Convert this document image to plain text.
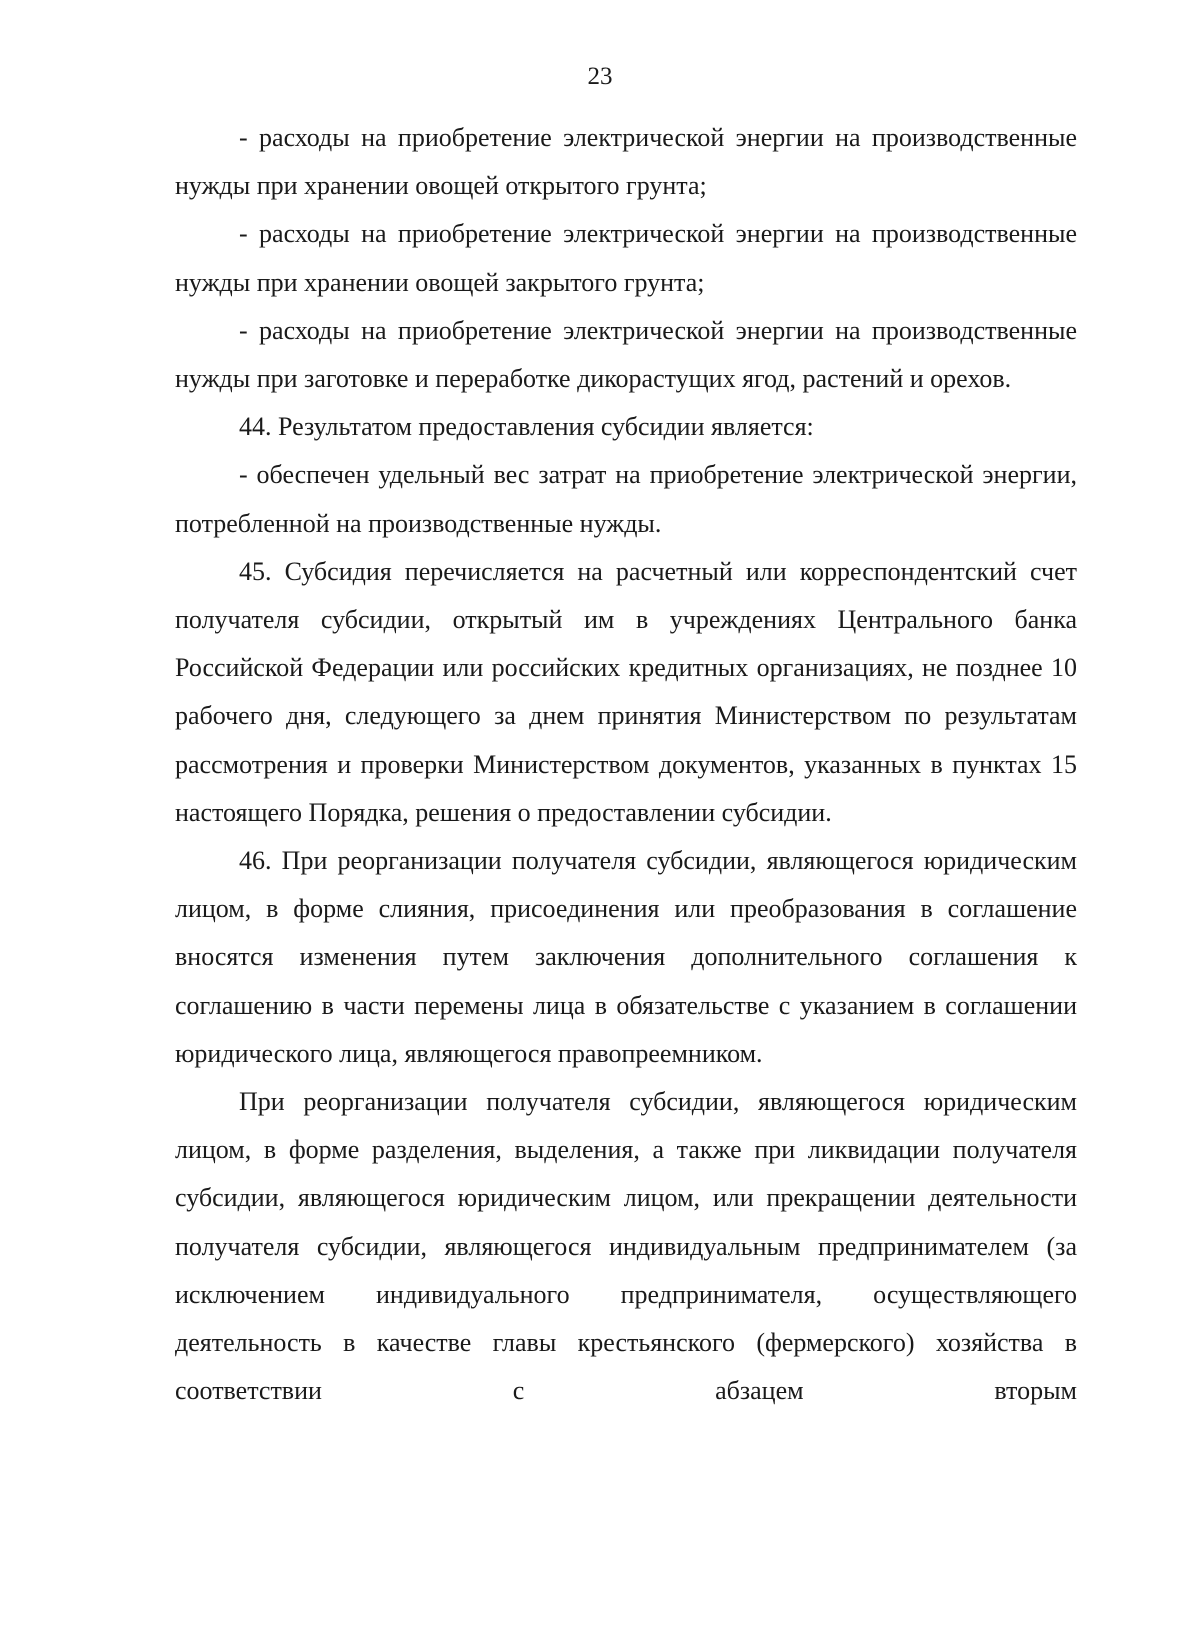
23

- расходы на приобретение электрической энергии на производственные нужды при хранении овощей открытого грунта;

- расходы на приобретение электрической энергии на производственные нужды при хранении овощей закрытого грунта;

- расходы на приобретение электрической энергии на производственные нужды при заготовке и переработке дикорастущих ягод, растений и орехов.

44. Результатом предоставления субсидии является:

- обеспечен удельный вес затрат на приобретение электрической энергии, потребленной на производственные нужды.

45. Субсидия перечисляется на расчетный или корреспондентский счет получателя субсидии, открытый им в учреждениях Центрального банка Российской Федерации или российских кредитных организациях, не позднее 10 рабочего дня, следующего за днем принятия Министерством по результатам рассмотрения и проверки Министерством документов, указанных в пунктах 15 настоящего Порядка, решения о предоставлении субсидии.

46. При реорганизации получателя субсидии, являющегося юридическим лицом, в форме слияния, присоединения или преобразования в соглашение вносятся изменения путем заключения дополнительного соглашения к соглашению в части перемены лица в обязательстве с указанием в соглашении юридического лица, являющегося правопреемником.

При реорганизации получателя субсидии, являющегося юридическим лицом, в форме разделения, выделения, а также при ликвидации получателя субсидии, являющегося юридическим лицом, или прекращении деятельности получателя субсидии, являющегося индивидуальным предпринимателем (за исключением индивидуального предпринимателя, осуществляющего деятельность в качестве главы крестьянского (фермерского) хозяйства в соответствии с абзацем вторым
